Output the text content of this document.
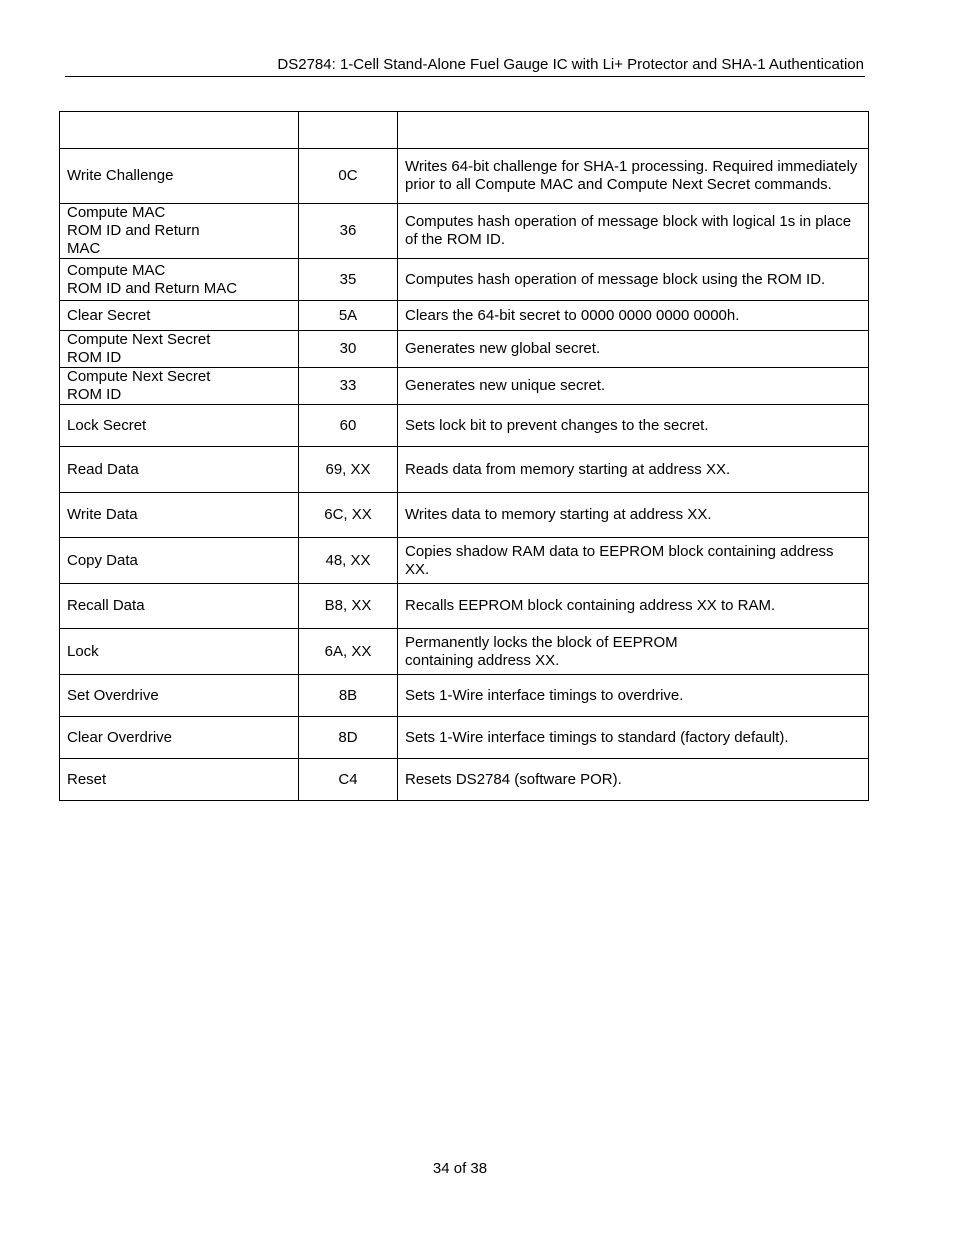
DS2784: 1-Cell Stand-Alone Fuel Gauge IC with Li+ Protector and SHA-1 Authentication

Write Challenge	0C	Writes 64-bit challenge for SHA-1 processing. Required immediately prior to all Compute MAC and Compute Next Secret commands.
Compute MAC
ROM ID and Return
MAC	36	Computes hash operation of message block with logical 1s in place of the ROM ID.
Compute MAC
ROM ID and Return MAC	35	Computes hash operation of message block using the ROM ID.
Clear Secret	5A	Clears the 64-bit secret to 0000 0000 0000 0000h.
Compute Next Secret
ROM ID	30	Generates new global secret.
Compute Next Secret
ROM ID	33	Generates new unique secret.
Lock Secret	60	Sets lock bit to prevent changes to the secret.
Read Data	69, XX	Reads data from memory starting at address XX.
Write Data	6C, XX	Writes data to memory starting at address XX.
Copy Data	48, XX	Copies shadow RAM data to EEPROM block containing address XX.
Recall Data	B8, XX	Recalls EEPROM block containing address XX to RAM.
Lock	6A, XX	Permanently locks the block of EEPROM
containing address XX.
Set Overdrive	8B	Sets 1-Wire interface timings to overdrive.
Clear Overdrive	8D	Sets 1-Wire interface timings to standard (factory default).
Reset	C4	Resets DS2784 (software POR).
34 of 38
